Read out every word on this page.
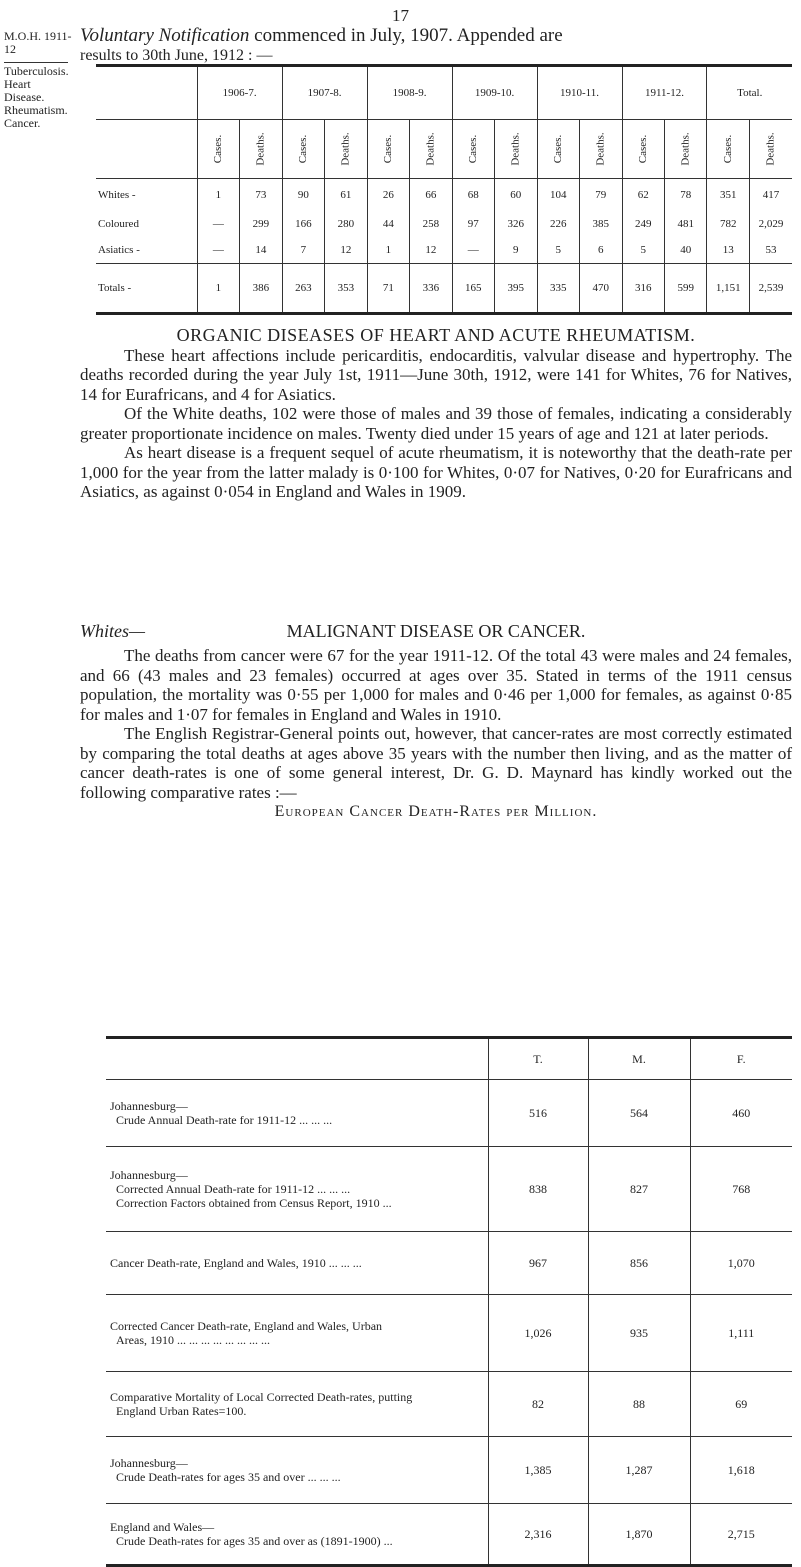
17
M.O.H. 1911-12
Tuberculosis.
Heart
Disease.
Rheumatism.
Cancer.
Voluntary Notification commenced in July, 1907. Appended are
results to 30th June, 1912 : —
	1906-7.		1907-8.		1908-9.		1909-10.		1910-11.		1911-12.		Total.	
	Cases.	Deaths.	Cases.	Deaths.	Cases.	Deaths.	Cases.	Deaths.	Cases.	Deaths.	Cases.	Deaths.	Cases.	Deaths.
Whites -	1	73	90	61	26	66	68	60	104	79	62	78	351	417
Coloured	—	299	166	280	44	258	97	326	226	385	249	481	782	2,029
Asiatics -	—	14	7	12	1	12	—	9	5	6	5	40	13	53
Totals -	1	386	263	353	71	336	165	395	335	470	316	599	1,151	2,539
ORGANIC DISEASES OF HEART AND ACUTE RHEUMATISM.
These heart affections include pericarditis, endocarditis, valvular disease and hypertrophy. The deaths recorded during the year July 1st, 1911—June 30th, 1912, were 141 for Whites, 76 for Natives, 14 for Eurafricans, and 4 for Asiatics.
Of the White deaths, 102 were those of males and 39 those of females, indicating a considerably greater proportionate incidence on males. Twenty died under 15 years of age and 121 at later periods.
As heart disease is a frequent sequel of acute rheumatism, it is noteworthy that the death-rate per 1,000 for the year from the latter malady is 0·100 for Whites, 0·07 for Natives, 0·20 for Eurafricans and Asiatics, as against 0·054 in England and Wales in 1909.
Whites—	MALIGNANT DISEASE OR CANCER.
The deaths from cancer were 67 for the year 1911-12. Of the total 43 were males and 24 females, and 66 (43 males and 23 females) occurred at ages over 35. Stated in terms of the 1911 census population, the mortality was 0·55 per 1,000 for males and 0·46 per 1,000 for females, as against 0·85 for males and 1·07 for females in England and Wales in 1910.
The English Registrar-General points out, however, that cancer-rates are most correctly estimated by comparing the total deaths at ages above 35 years with the number then living, and as the matter of cancer death-rates is one of some general interest, Dr. G. D. Maynard has kindly worked out the following comparative rates :—
European Cancer Death-Rates per Million.
	T.	M.	F.

Johannesburg—
Crude Annual Death-rate for 1911-12 ... ... ...	516	564	460

Johannesburg—
Corrected Annual Death-rate for 1911-12 ... ... ...
Correction Factors obtained from Census Report, 1910 ...	838	827	768

Cancer Death-rate, England and Wales, 1910 ... ... ...	967	856	1,070

Corrected Cancer Death-rate, England and Wales, Urban
Areas, 1910 ... ... ... ... ... ... ... ...	1,026	935	1,111

Comparative Mortality of Local Corrected Death-rates, putting
England Urban Rates=100.	82	88	69

Johannesburg—
Crude Death-rates for ages 35 and over ... ... ...	1,385	1,287	1,618

England and Wales—
Crude Death-rates for ages 35 and over as (1891-1900) ...	2,316	1,870	2,715
